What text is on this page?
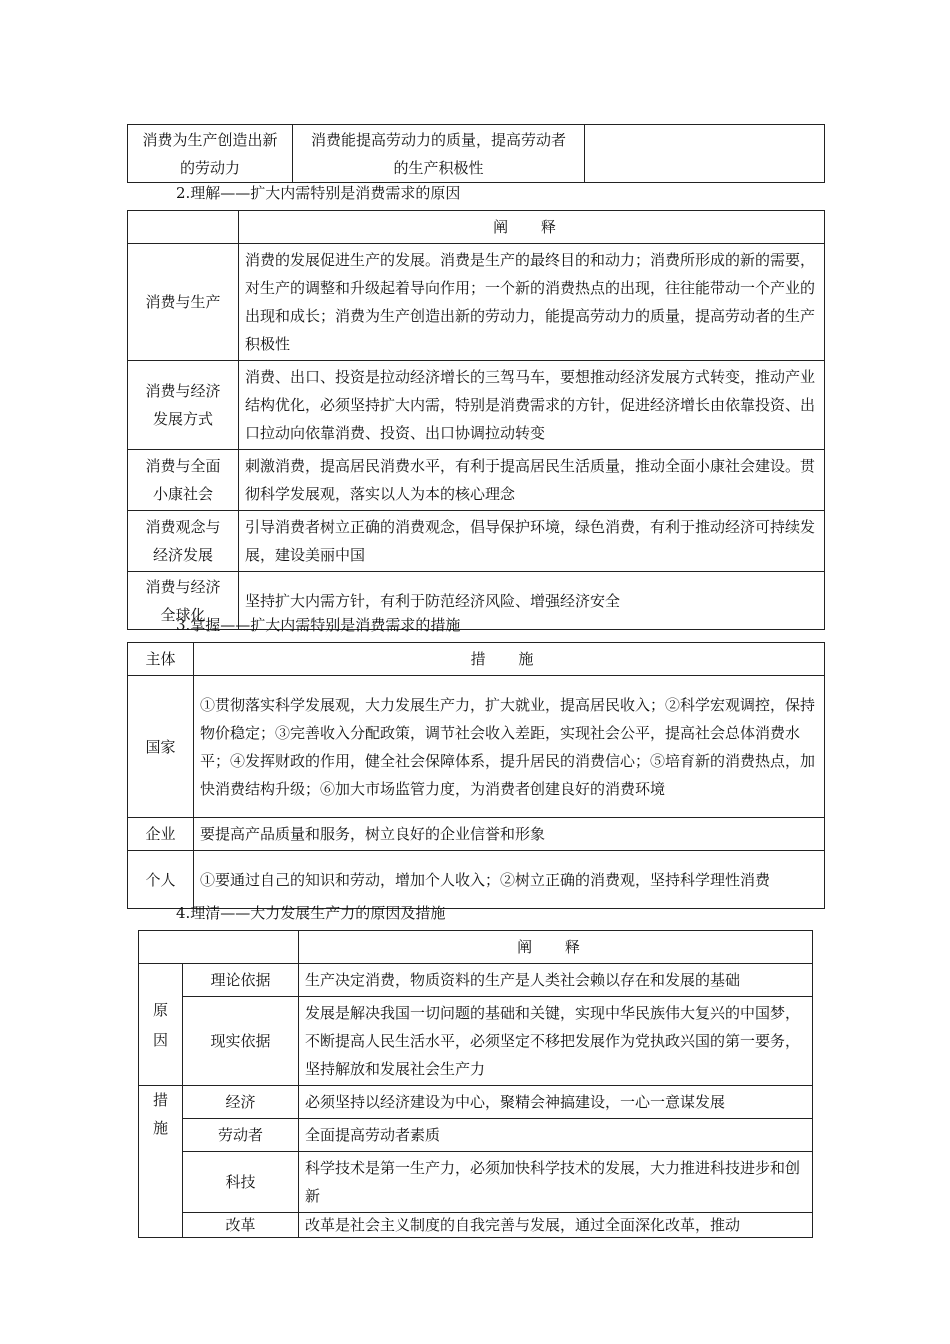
消费为生产创造出新的劳动力	消费能提高劳动力的质量，提高劳动者的生产积极性	
2.理解——扩大内需特别是消费需求的原因
	阐 释
消费与生产	消费的发展促进生产的发展。消费是生产的最终目的和动力；消费所形成的新的需要，对生产的调整和升级起着导向作用；一个新的消费热点的出现，往往能带动一个产业的出现和成长；消费为生产创造出新的劳动力，能提高劳动力的质量，提高劳动者的生产积极性
消费与经济发展方式	消费、出口、投资是拉动经济增长的三驾马车，要想推动经济发展方式转变，推动产业结构优化，必须坚持扩大内需，特别是消费需求的方针，促进经济增长由依靠投资、出口拉动向依靠消费、投资、出口协调拉动转变
消费与全面小康社会	刺激消费，提高居民消费水平，有利于提高居民生活质量，推动全面小康社会建设。贯彻科学发展观，落实以人为本的核心理念
消费观念与经济发展	引导消费者树立正确的消费观念，倡导保护环境，绿色消费，有利于推动经济可持续发展，建设美丽中国
消费与经济全球化	坚持扩大内需方针，有利于防范经济风险、增强经济安全
3.掌握——扩大内需特别是消费需求的措施
主体	措 施
国家	①贯彻落实科学发展观，大力发展生产力，扩大就业，提高居民收入；②科学宏观调控，保持物价稳定；③完善收入分配政策，调节社会收入差距，实现社会公平，提高社会总体消费水平；④发挥财政的作用，健全社会保障体系，提升居民的消费信心；⑤培育新的消费热点，加快消费结构升级；⑥加大市场监管力度，为消费者创建良好的消费环境
企业	要提高产品质量和服务，树立良好的企业信誉和形象
个人	①要通过自己的知识和劳动，增加个人收入；②树立正确的消费观，坚持科学理性消费
4.理清——大力发展生产力的原因及措施
		阐 释
原因	理论依据	生产决定消费，物质资料的生产是人类社会赖以存在和发展的基础
	现实依据	发展是解决我国一切问题的基础和关键，实现中华民族伟大复兴的中国梦，不断提高人民生活水平，必须坚定不移把发展作为党执政兴国的第一要务，坚持解放和发展社会生产力
措施	经济	必须坚持以经济建设为中心，聚精会神搞建设，一心一意谋发展
	劳动者	全面提高劳动者素质
	科技	科学技术是第一生产力，必须加快科学技术的发展，大力推进科技进步和创新
	改革	改革是社会主义制度的自我完善与发展，通过全面深化改革，推动
